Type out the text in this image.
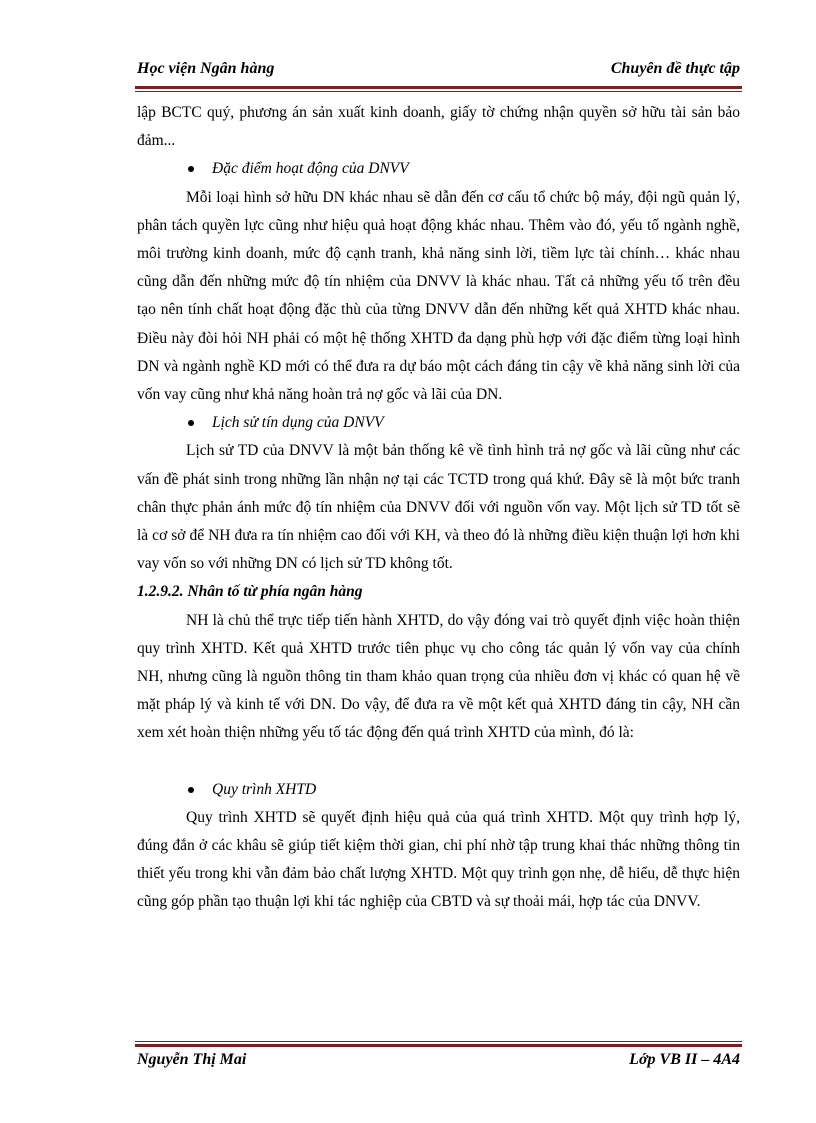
Học viện Ngân hàng	Chuyên đề thực tập

lập BCTC quý, phương án sản xuất kinh doanh, giấy tờ chứng nhận quyền sở hữu tài sản bảo đảm...

Đặc điểm hoạt động của DNVV

Mỗi loại hình sở hữu DN khác nhau sẽ dẫn đến cơ cấu tổ chức bộ máy, đội ngũ quản lý, phân tách quyền lực cũng như hiệu quả hoạt động khác nhau. Thêm vào đó, yếu tố ngành nghề, môi trường kinh doanh, mức độ cạnh tranh, khả năng sinh lời, tiềm lực tài chính… khác nhau cũng dẫn đến những mức độ tín nhiệm của DNVV là khác nhau. Tất cả những yếu tố trên đều tạo nên tính chất hoạt động đặc thù của từng DNVV dẫn đến những kết quả XHTD khác nhau. Điều này đòi hỏi NH phải có một hệ thống XHTD đa dạng phù hợp với đặc điểm từng loại hình DN và ngành nghề KD mới có thể đưa ra dự báo một cách đáng tin cậy về khả năng sinh lời của vốn vay cũng như khả năng hoàn trả nợ gốc và lãi của DN.

Lịch sử tín dụng của DNVV

Lịch sử TD của DNVV là một bản thống kê về tình hình trả nợ gốc và lãi cũng như các vấn đề phát sinh trong những lần nhận nợ tại các TCTD trong quá khứ. Đây sẽ là một bức tranh chân thực phản ánh mức độ tín nhiệm của DNVV đối với nguồn vốn vay. Một lịch sử TD tốt sẽ là cơ sở để NH đưa ra tín nhiệm cao đối với KH, và theo đó là những điều kiện thuận lợi hơn khi vay vốn so với những DN có lịch sử TD không tốt.

1.2.9.2. Nhân tố từ phía ngân hàng

NH là chủ thể trực tiếp tiến hành XHTD, do vậy đóng vai trò quyết định việc hoàn thiện quy trình XHTD. Kết quả XHTD trước tiên phục vụ cho công tác quản lý vốn vay của chính NH, nhưng cũng là nguồn thông tin tham khảo quan trọng của nhiều đơn vị khác có quan hệ về mặt pháp lý và kinh tế với DN. Do vậy, để đưa ra về một kết quả XHTD đáng tin cậy, NH cần xem xét hoàn thiện những yếu tố tác động đến quá trình XHTD của mình, đó là:

Quy trình XHTD

Quy trình XHTD sẽ quyết định hiệu quả của quá trình XHTD. Một quy trình hợp lý, đúng đắn ở các khâu sẽ giúp tiết kiệm thời gian, chi phí nhờ tập trung khai thác những thông tin thiết yếu trong khi vẫn đảm bảo chất lượng XHTD. Một quy trình gọn nhẹ, dễ hiểu, dễ thực hiện cũng góp phần tạo thuận lợi khi tác nghiệp của CBTD và sự thoải mái, hợp tác của DNVV.

Nguyễn Thị Mai	Lớp VB II – 4A4
